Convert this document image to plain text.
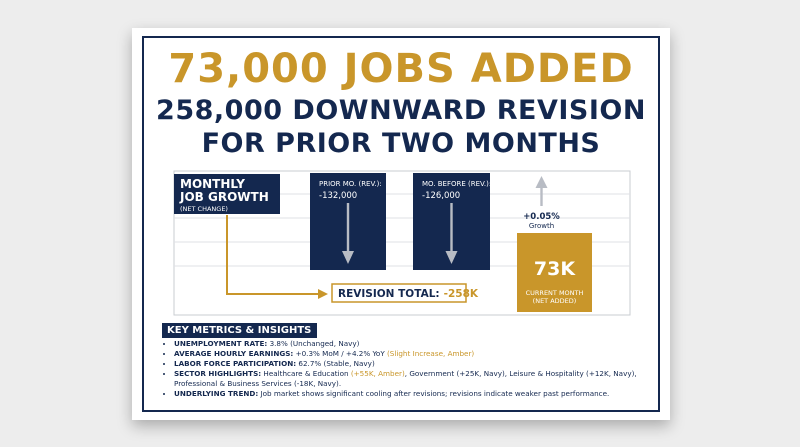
73,000 JOBS ADDED
258,000 DOWNWARD REVISION
FOR PRIOR TWO MONTHS
MONTHLY
JOB GROWTH
(NET CHANGE)
PRIOR MO. (REV.):
-132,000
MO. BEFORE (REV.):
-126,000
73K
CURRENT MONTH
(NET ADDED)
+0.05%
Growth
REVISION TOTAL: -258K
KEY METRICS & INSIGHTS
• UNEMPLOYMENT RATE: 3.8% (Unchanged, Navy)
• AVERAGE HOURLY EARNINGS: +0.3% MoM / +4.2% YoY (Slight Increase, Amber)
• LABOR FORCE PARTICIPATION: 62.7% (Stable, Navy)
• SECTOR HIGHLIGHTS: Healthcare & Education (+55K, Amber), Government (+25K, Navy), Leisure & Hospitality (+12K, Navy), Professional & Business Services (-18K, Navy).
• UNDERLYING TREND: Job market shows significant cooling after revisions; revisions indicate weaker past performance.
